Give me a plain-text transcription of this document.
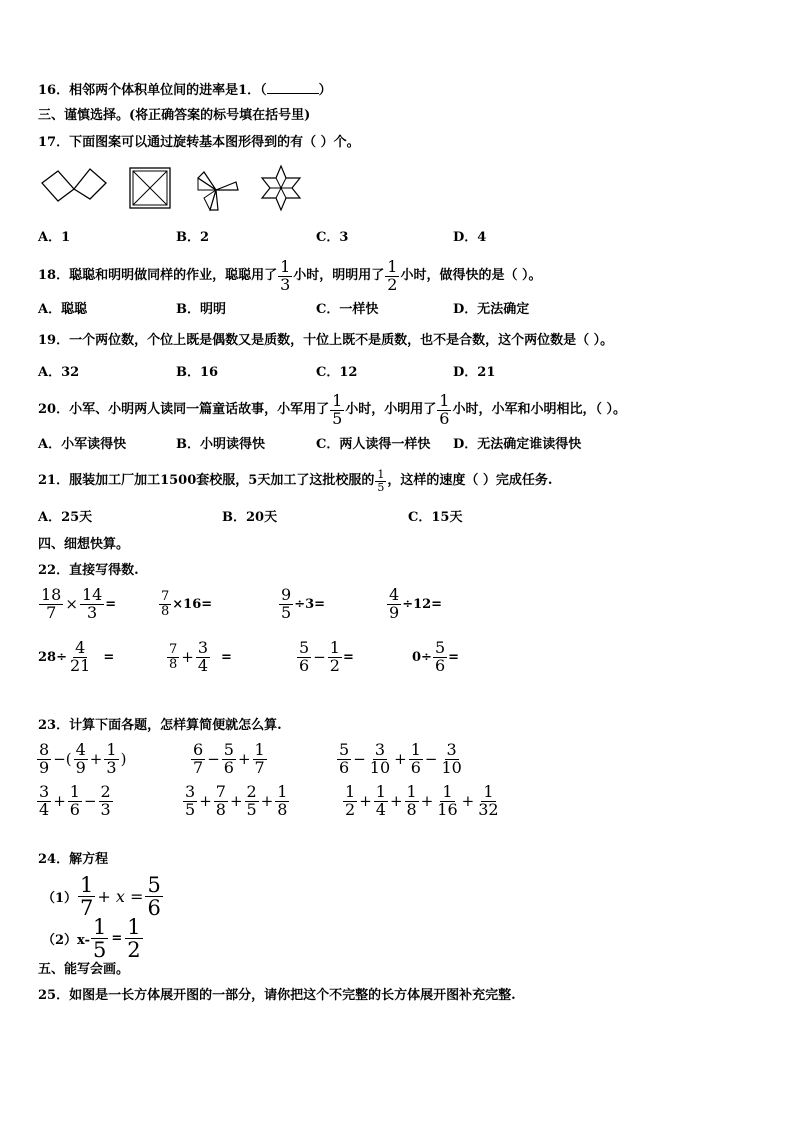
16．相邻两个体积单位间的进率是1．（	）
三、谨慎选择。(将正确答案的标号填在括号里)
17．下面图案可以通过旋转基本图形得到的有（ ）个。
A．1	B．2	C．3	D．4
18．聪聪和明明做同样的作业，聪聪用了 $\frac{1}{3}$ 小时，明明用了 $\frac{1}{2}$ 小时，做得快的是（ ）。
A．聪聪	B．明明	C．一样快	D．无法确定
19．一个两位数，个位上既是偶数又是质数，十位上既不是质数，也不是合数，这个两位数是（ ）。
A．32	B．16	C．12	D．21
20．小军、小明两人读同一篇童话故事，小军用了 $\frac{1}{5}$ 小时，小明用了 $\frac{1}{6}$ 小时，小军和小明相比，（ ）。
A．小军读得快	B．小明读得快	C．两人读得一样快 D．无法确定谁读得快
21．服装加工厂加工1500套校服，5天加工了这批校服的 $\frac{1}{5}$ ，这样的速度（ ）完成任务.
A．25天	B．20天	C．15天
四、细想快算。
22．直接写得数.
$\frac{18}{7} \times \frac{14}{3}$ =	$\frac{7}{8} \times 16=$	$\frac{9}{5} \div 3=$	$\frac{4}{9} \div 12=$
$28\div \frac{4}{21}$ =	$\frac{7}{8} + \frac{3}{4}$ =	$\frac{5}{6} - \frac{1}{2}$ =	$0\div \frac{5}{6}$ =
23．计算下面各题，怎样算简便就怎么算.
$\frac{8}{9}$ −( $\frac{4}{9} + \frac{1}{3}$ )	$\frac{6}{7} - \frac{5}{6} + \frac{1}{7}$	$\frac{5}{6} - \frac{3}{10} + \frac{1}{6} - \frac{3}{10}$
$\frac{3}{4} + \frac{1}{6} - \frac{2}{3}$	$\frac{3}{5} + \frac{7}{8} + \frac{2}{5} + \frac{1}{8}$	$\frac{1}{2} + \frac{1}{4} + \frac{1}{8} + \frac{1}{16} + \frac{1}{32}$
24．解方程
$(1) \frac{1}{7} + x = \frac{5}{6}$
$(2)x- \frac{1}{5} = \frac{1}{2}$
五、能写会画。
25．如图是一长方体展开图的一部分，请你把这个不完整的长方体展开图补充完整.
